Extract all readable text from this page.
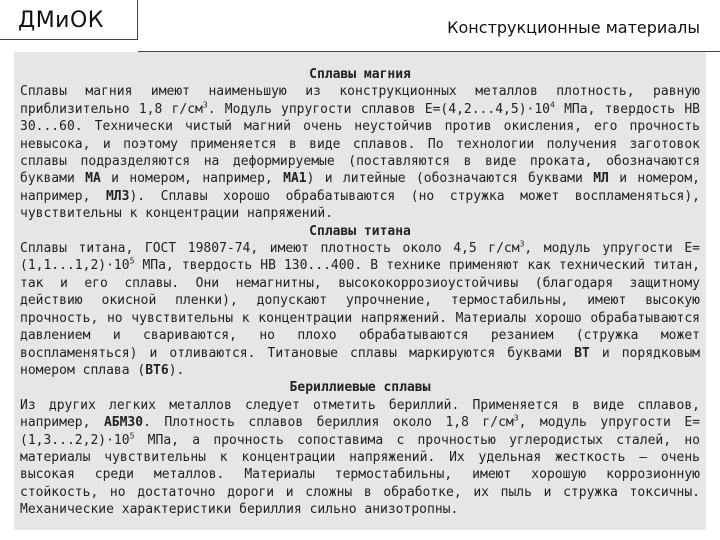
ДМиОК	Конструкционные материалы
Сплавы магния

Сплавы магния имеют наименьшую из конструкционных металлов плотность, равную приблизительно 1,8 $г/см^3$. Модуль упругости сплавов $Е=(4,2...4,5)\cdot 10^4$ МПа, твердость НВ 30...60. Технически чистый магний очень неустойчив против окисления, его прочность невысока, и поэтому применяется в виде сплавов. По технологии получения заготовок сплавы подразделяются на деформируемые (поставляются в виде проката, обозначаются буквами МА и номером, например, МА1) и литейные (обозначаются буквами МЛ и номером, например, МЛ3). Сплавы хорошо обрабатываются (но стружка может воспламеняться), чувствительны к концентрации напряжений.

Сплавы титана

Сплавы титана, ГОСТ 19807-74, имеют плотность около 4,5 $г/см^3$, модуль упругости $Е=(1,1...1,2)\cdot 10^5$ МПа, твердость НВ 130...400. В технике применяют как технический титан, так и его сплавы. Они немагнитны, высококоррозиоустойчивы (благодаря защитному действию окисной пленки), допускают упрочнение, термостабильны, имеют высокую прочность, но чувствительны к концентрации напряжений. Материалы хорошо обрабатываются давлением и свариваются, но плохо обрабатываются резанием (стружка может воспламеняться) и отливаются. Титановые сплавы маркируются буквами ВТ и порядковым номером сплава (ВТ6).

Бериллиевые сплавы

Из других легких металлов следует отметить бериллий. Применяется в виде сплавов, например, АБМ30. Плотность сплавов бериллия около 1,8 $г/см^3$, модуль упругости $Е=(1,3...2,2)\cdot 10^5$ МПа, а прочность сопоставима с прочностью углеродистых сталей, но материалы чувствительны к концентрации напряжений. Их удельная жесткость – очень высокая среди металлов. Материалы термостабильны, имеют хорошую коррозионную стойкость, но достаточно дороги и сложны в обработке, их пыль и стружка токсичны. Механические характеристики бериллия сильно анизотропны.
